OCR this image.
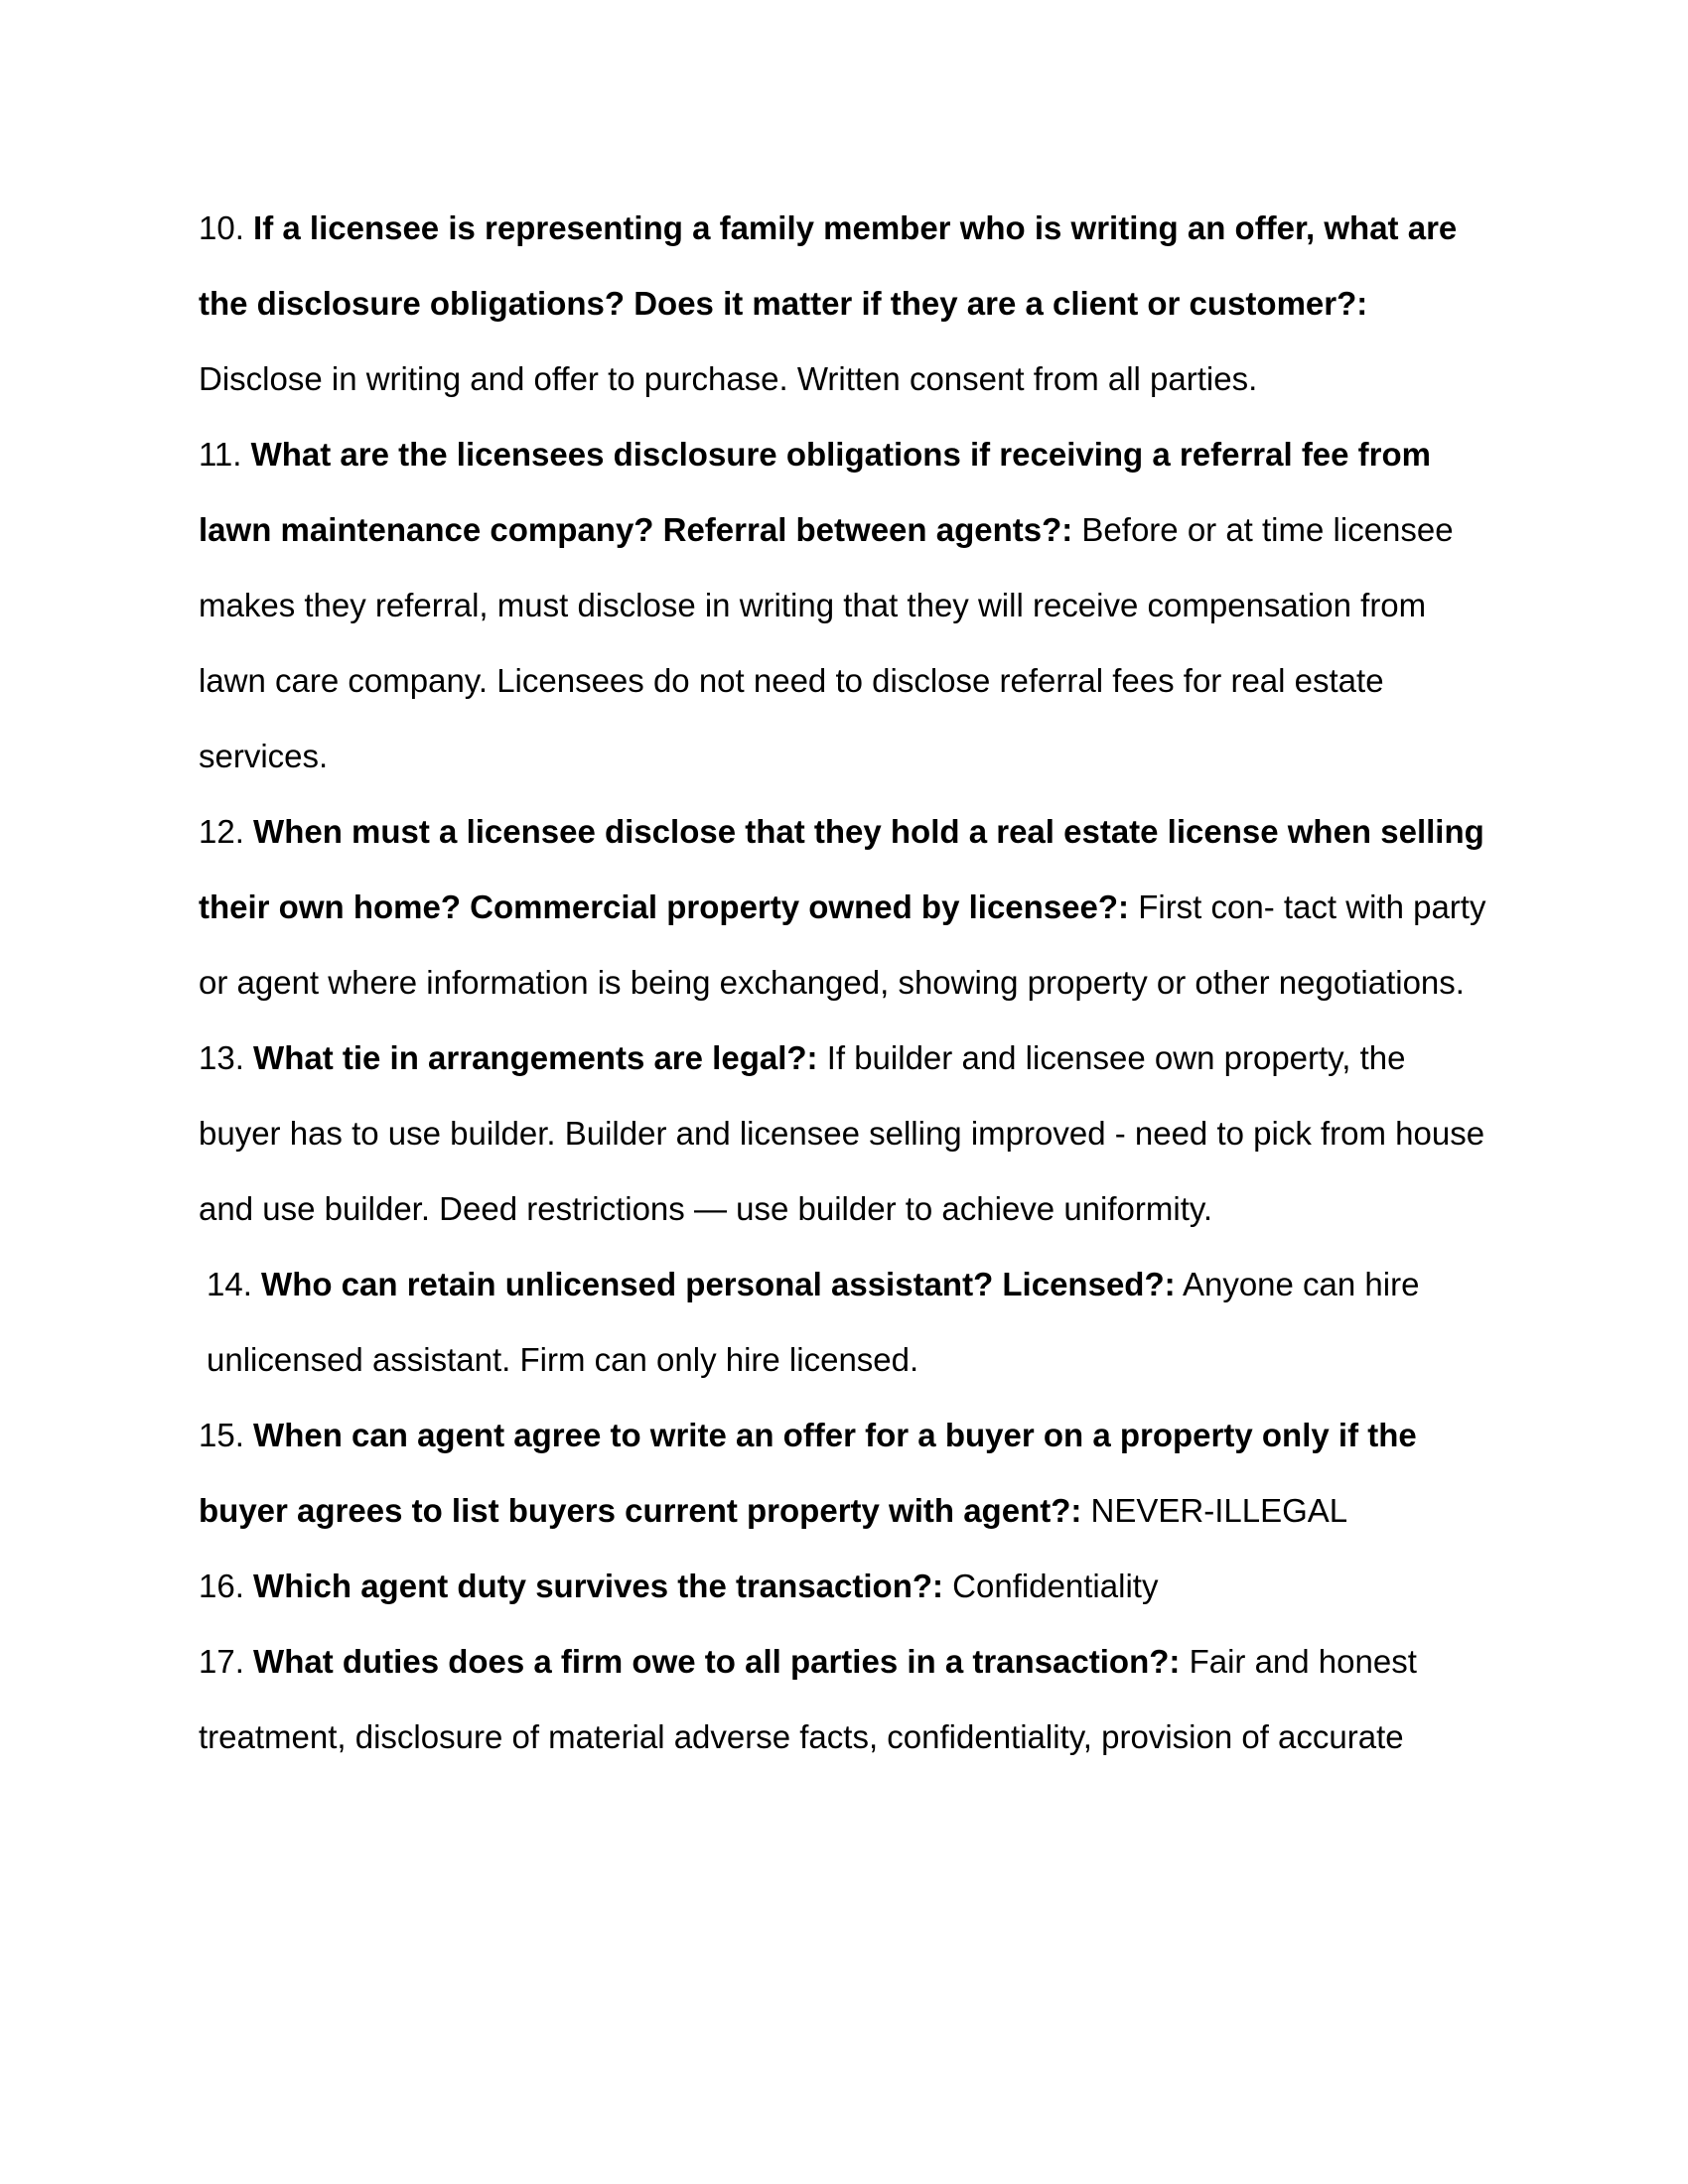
10. If a licensee is representing a family member who is writing an offer, what are the disclosure obligations? Does it matter if they are a client or customer?: Disclose in writing and offer to purchase. Written consent from all parties.

11. What are the licensees disclosure obligations if receiving a referral fee from lawn maintenance company? Referral between agents?: Before or at time licensee makes they referral, must disclose in writing that they will receive compensation from lawn care company. Licensees do not need to disclose referral fees for real estate services.

12. When must a licensee disclose that they hold a real estate license when selling their own home? Commercial property owned by licensee?: First con- tact with party or agent where information is being exchanged, showing property or other negotiations.

13. What tie in arrangements are legal?: If builder and licensee own property, the buyer has to use builder. Builder and licensee selling improved - need to pick from house and use builder. Deed restrictions — use builder to achieve uniformity.

14. Who can retain unlicensed personal assistant? Licensed?: Anyone can hire unlicensed assistant. Firm can only hire licensed.

15. When can agent agree to write an offer for a buyer on a property only if the buyer agrees to list buyers current property with agent?: NEVER-ILLEGAL

16. Which agent duty survives the transaction?: Confidentiality

17. What duties does a firm owe to all parties in a transaction?: Fair and honest treatment, disclosure of material adverse facts, confidentiality, provision of accurate
